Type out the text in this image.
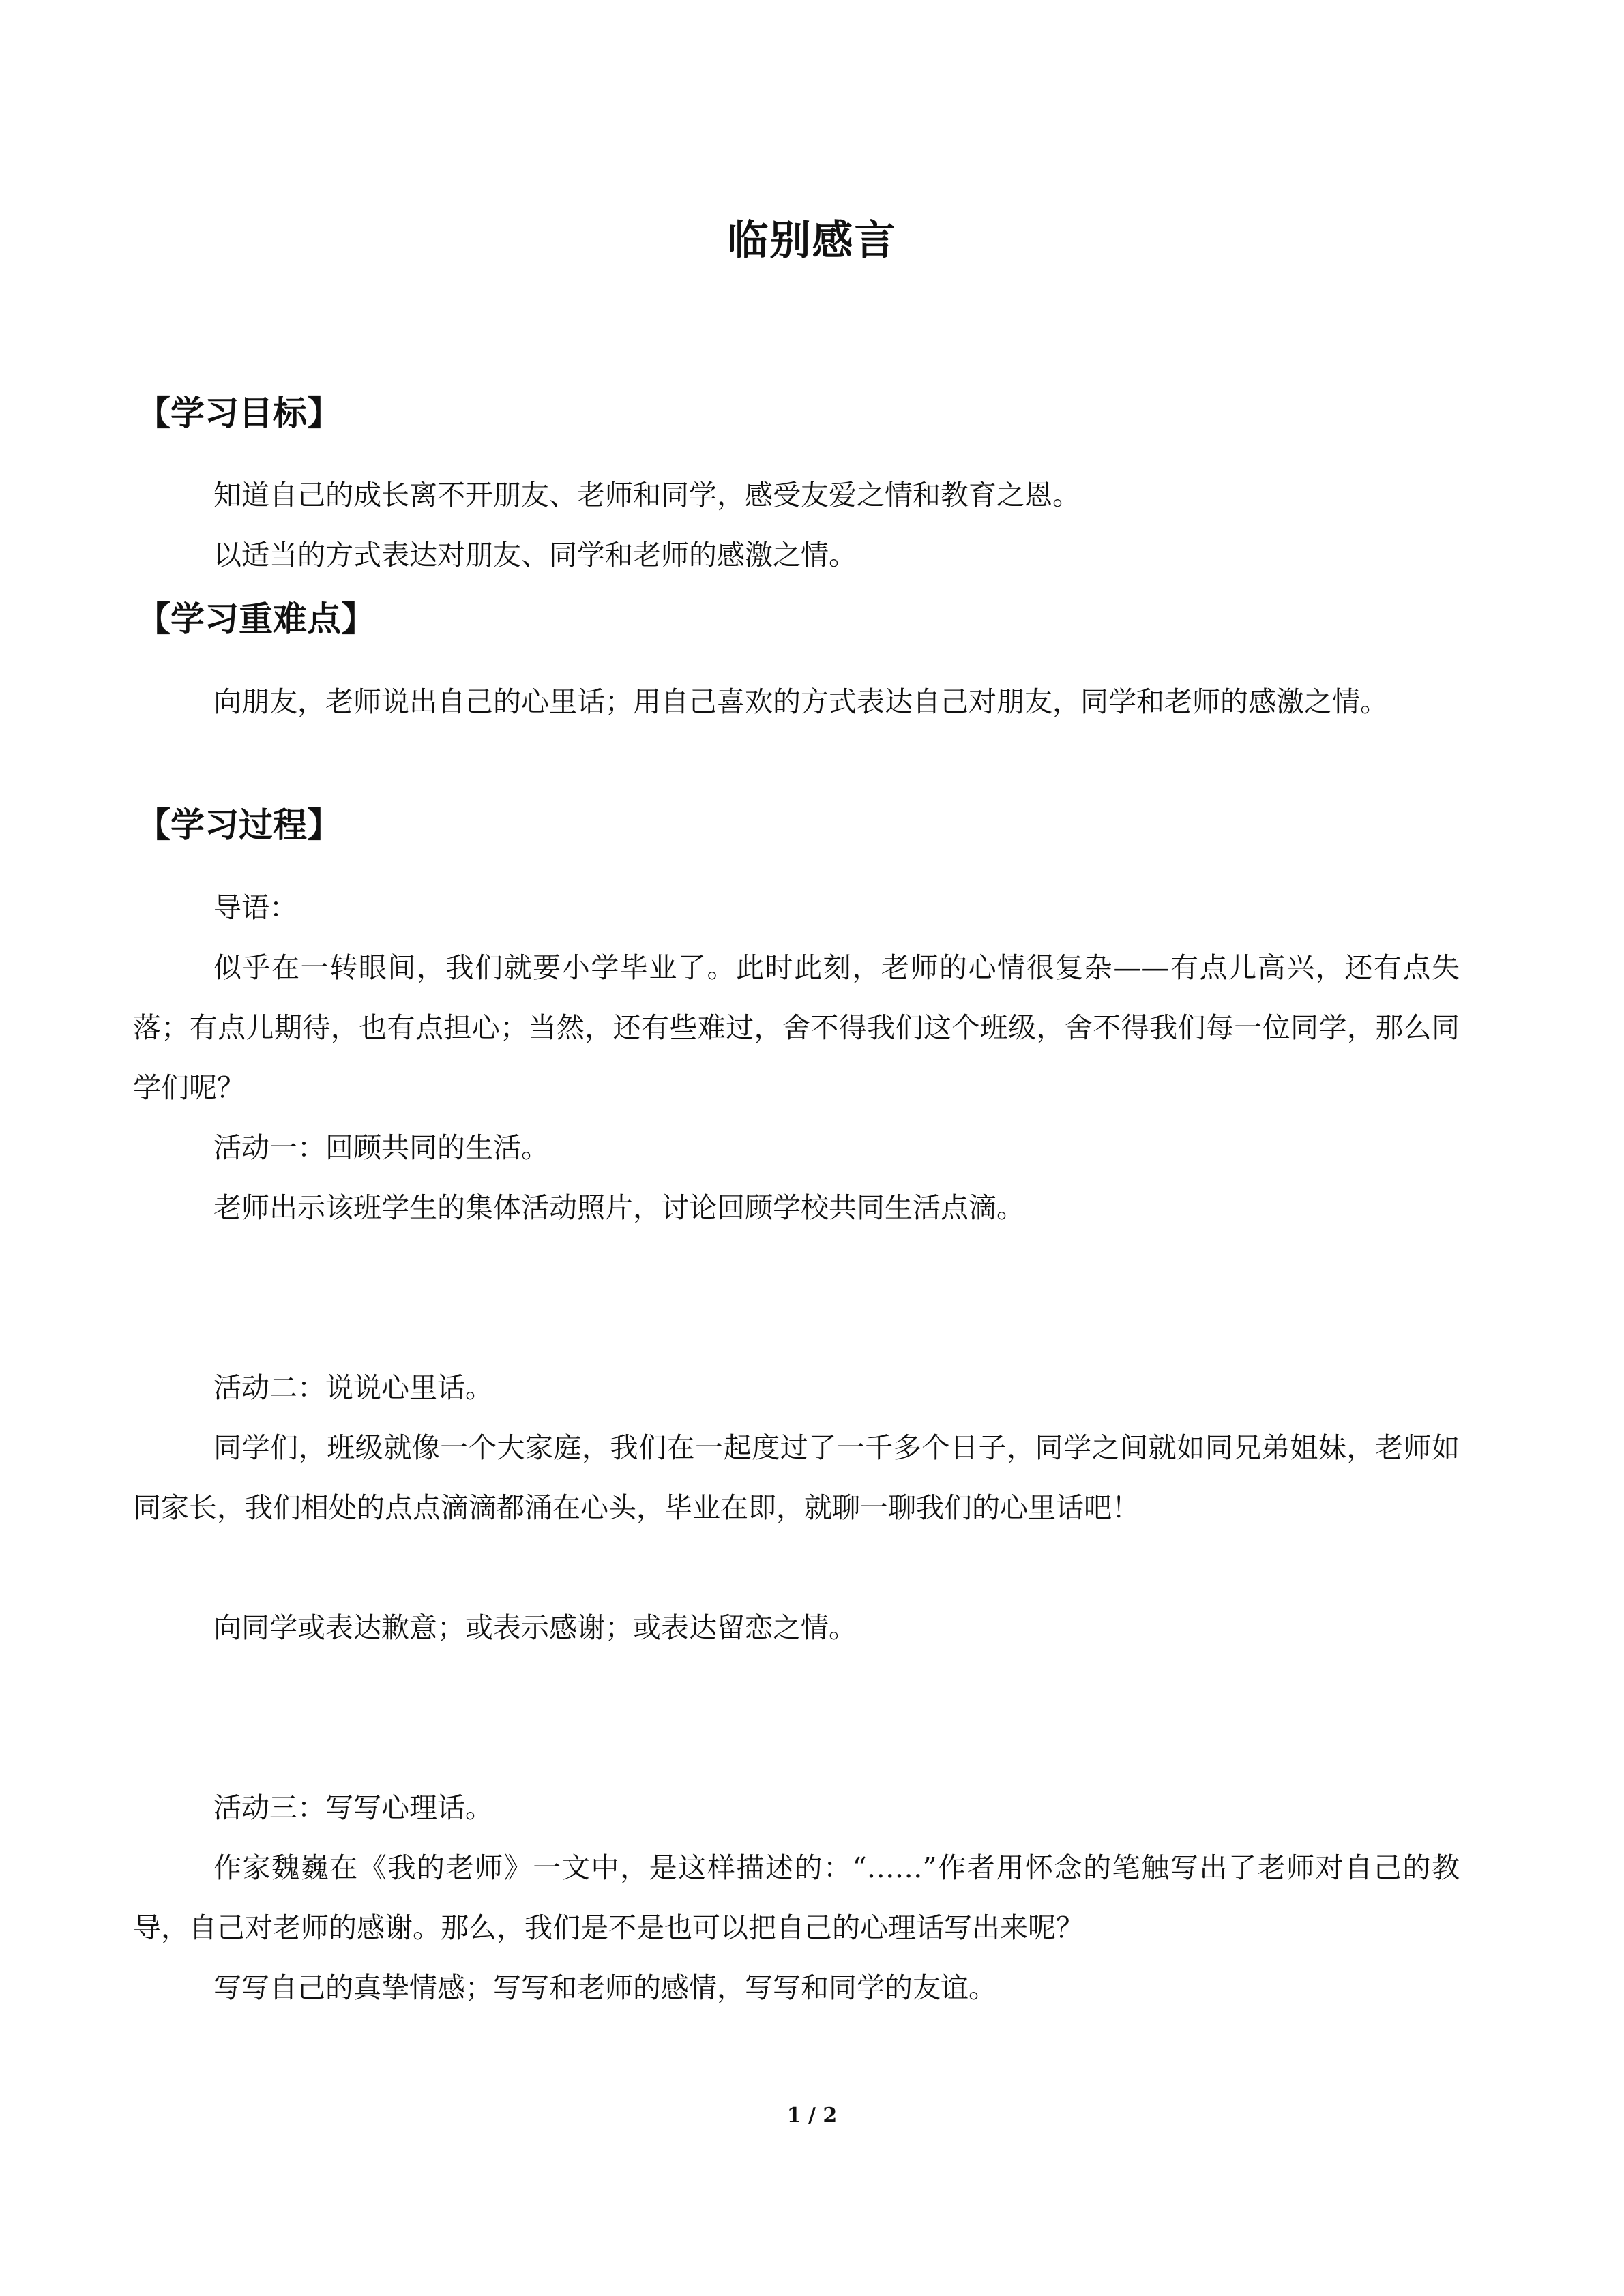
临别感言
【学习目标】
知道自己的成长离不开朋友、老师和同学，感受友爱之情和教育之恩。
以适当的方式表达对朋友、同学和老师的感激之情。
【学习重难点】
向朋友，老师说出自己的心里话；用自己喜欢的方式表达自己对朋友，同学和老师的感激之情。
【学习过程】
导语：
似乎在一转眼间，我们就要小学毕业了。此时此刻，老师的心情很复杂——有点儿高兴，还有点失落；有点儿期待，也有点担心；当然，还有些难过，舍不得我们这个班级，舍不得我们每一位同学，那么同学们呢？
活动一：回顾共同的生活。
老师出示该班学生的集体活动照片，讨论回顾学校共同生活点滴。
活动二：说说心里话。
同学们，班级就像一个大家庭，我们在一起度过了一千多个日子，同学之间就如同兄弟姐妹，老师如同家长，我们相处的点点滴滴都涌在心头，毕业在即，就聊一聊我们的心里话吧！
向同学或表达歉意；或表示感谢；或表达留恋之情。
活动三：写写心理话。
作家魏巍在《我的老师》一文中，是这样描述的：“……”作者用怀念的笔触写出了老师对自己的教导，自己对老师的感谢。那么，我们是不是也可以把自己的心理话写出来呢？
写写自己的真挚情感；写写和老师的感情，写写和同学的友谊。
1 / 2
